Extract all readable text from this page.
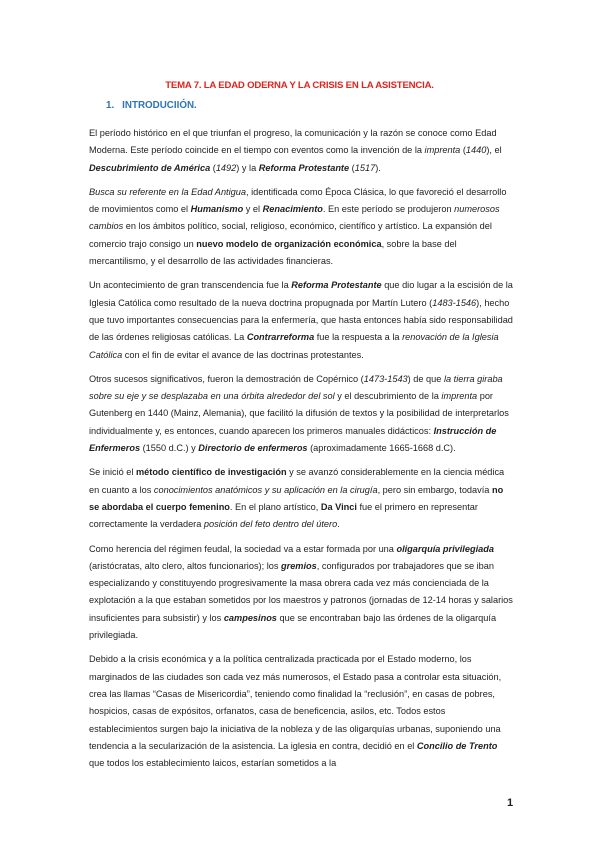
TEMA 7. LA EDAD ODERNA Y LA CRISIS EN LA ASISTENCIA.
1. INTRODUCIIÓN.

El período histórico en el que triunfan el progreso, la comunicación y la razón se conoce como Edad Moderna. Este período coincide en el tiempo con eventos como la invención de la imprenta (1440), el Descubrimiento de América (1492) y la Reforma Protestante (1517).

Busca su referente en la Edad Antigua, identificada como Época Clásica, lo que favoreció el desarrollo de movimientos como el Humanismo y el Renacimiento. En este período se produjeron numerosos cambios en los ámbitos político, social, religioso, económico, científico y artístico. La expansión del comercio trajo consigo un nuevo modelo de organización económica, sobre la base del mercantilismo, y el desarrollo de las actividades financieras.

Un acontecimiento de gran transcendencia fue la Reforma Protestante que dio lugar a la escisión de la Iglesia Católica como resultado de la nueva doctrina propugnada por Martín Lutero (1483-1546), hecho que tuvo importantes consecuencias para la enfermería, que hasta entonces había sido responsabilidad de las órdenes religiosas católicas. La Contrarreforma fue la respuesta a la renovación de la Iglesia Católica con el fin de evitar el avance de las doctrinas protestantes.

Otros sucesos significativos, fueron la demostración de Copérnico (1473-1543) de que la tierra giraba sobre su eje y se desplazaba en una órbita alrededor del sol y el descubrimiento de la imprenta por Gutenberg en 1440 (Mainz, Alemania), que facilitó la difusión de textos y la posibilidad de interpretarlos individualmente y, es entonces, cuando aparecen los primeros manuales didácticos: Instrucción de Enfermeros (1550 d.C.) y Directorio de enfermeros (aproximadamente 1665-1668 d.C).

Se inició el método científico de investigación y se avanzó considerablemente en la ciencia médica en cuanto a los conocimientos anatómicos y su aplicación en la cirugía, pero sin embargo, todavía no se abordaba el cuerpo femenino. En el plano artístico, Da Vinci fue el primero en representar correctamente la verdadera posición del feto dentro del útero.

Como herencia del régimen feudal, la sociedad va a estar formada por una oligarquía privilegiada (aristócratas, alto clero, altos funcionarios); los gremios, configurados por trabajadores que se iban especializando y constituyendo progresivamente la masa obrera cada vez más concienciada de la explotación a la que estaban sometidos por los maestros y patronos (jornadas de 12-14 horas y salarios insuficientes para subsistir) y los campesinos que se encontraban bajo las órdenes de la oligarquía privilegiada.

Debido a la crisis económica y a la política centralizada practicada por el Estado moderno, los marginados de las ciudades son cada vez más numerosos, el Estado pasa a controlar esta situación, crea las llamas “Casas de Misericordia”, teniendo como finalidad la “reclusión”, en casas de pobres, hospicios, casas de expósitos, orfanatos, casa de beneficencia, asilos, etc. Todos estos establecimientos surgen bajo la iniciativa de la nobleza y de las oligarquías urbanas, suponiendo una tendencia a la secularización de la asistencia. La iglesia en contra, decidió en el Concilio de Trento que todos los establecimiento laicos, estarían sometidos a la

1
